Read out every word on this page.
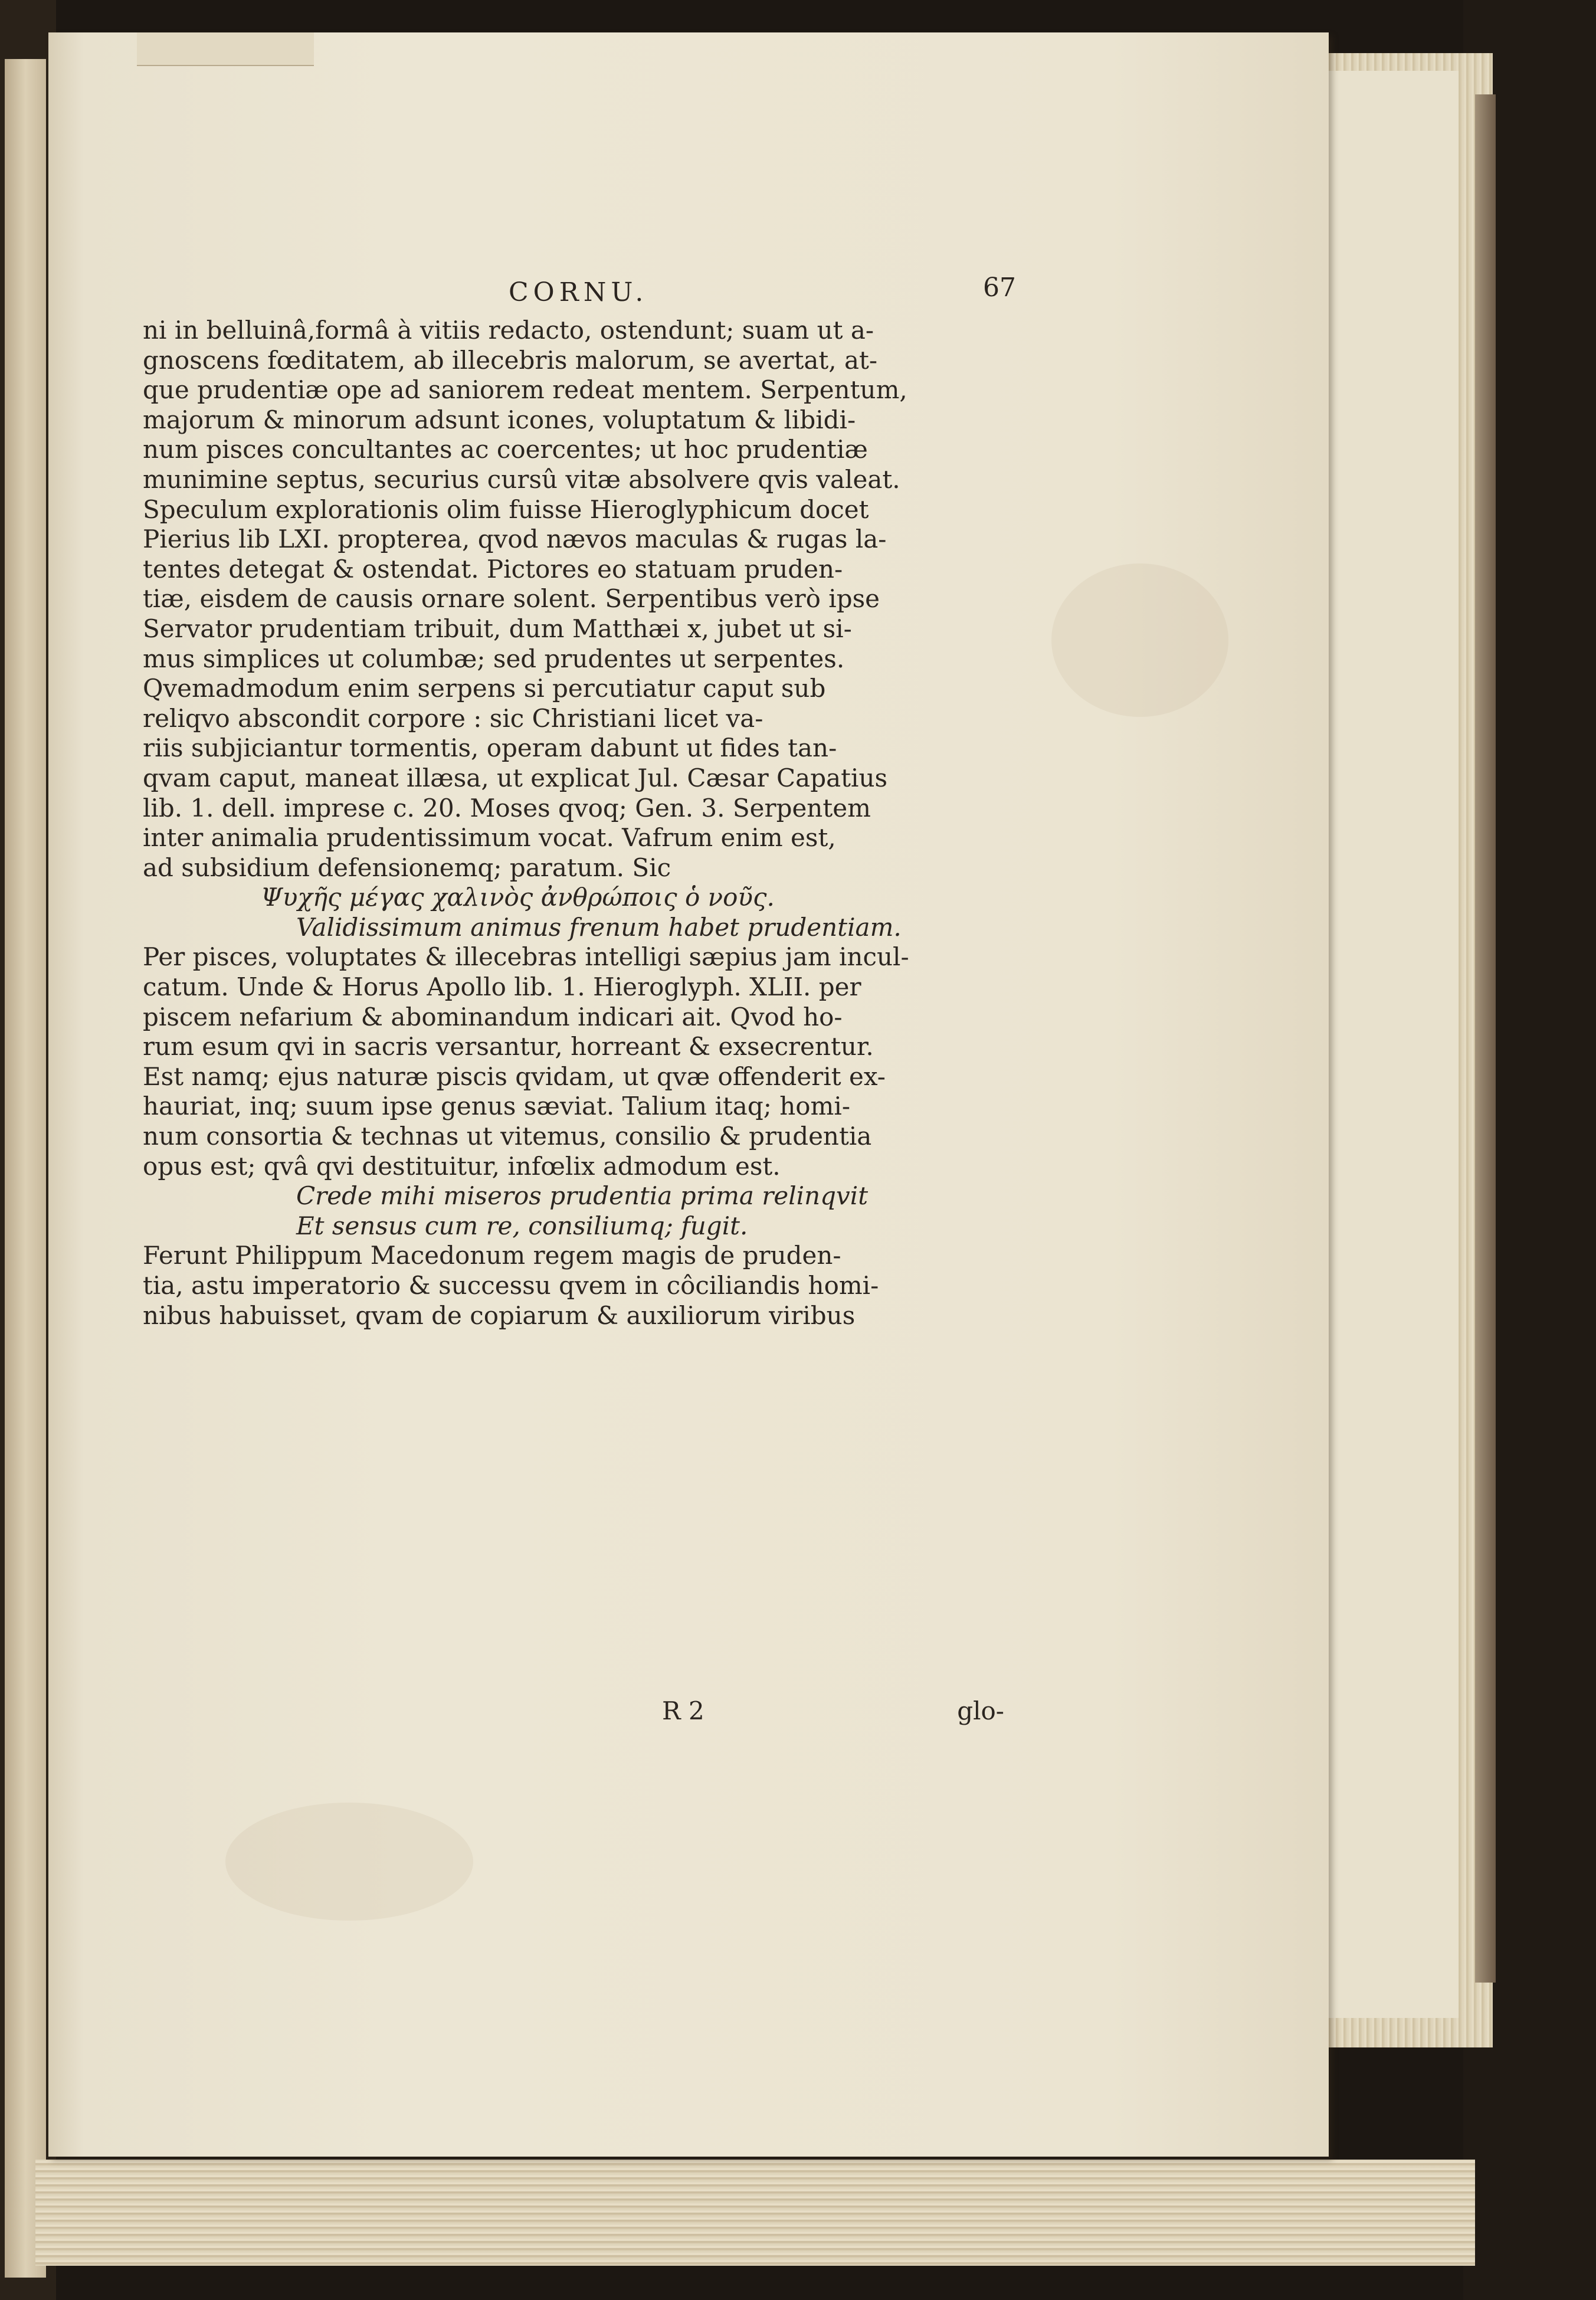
CORNU.	67
ni in belluinâ,formâ à vitiis redacto, ostendunt; suam ut a-
gnoscens fœditatem, ab illecebris malorum, se avertat, at-
que prudentiæ ope ad saniorem redeat mentem. Serpentum,
majorum & minorum adsunt icones, voluptatum & libidi-
num pisces concultantes ac coercentes; ut hoc prudentiæ
munimine septus, securius cursû vitæ absolvere qvis valeat.
Speculum explorationis olim fuisse Hieroglyphicum docet
Pierius lib LXI. propterea, qvod nævos maculas & rugas la-
tentes detegat & ostendat. Pictores eo statuam pruden-
tiæ, eisdem de causis ornare solent. Serpentibus verò ipse
Servator prudentiam tribuit, dum Matthæi x, jubet ut si-
mus simplices ut columbæ; sed prudentes ut serpentes.
Qvemadmodum enim serpens si percutiatur caput sub
reliqvo abscondit corpore : sic Christiani licet va-
riis subjiciantur tormentis, operam dabunt ut fides tan-
qvam caput, maneat illæsa, ut explicat Jul. Cæsar Capatius
lib. 1. dell. imprese c. 20. Moses qvoq; Gen. 3. Serpentem
inter animalia prudentissimum vocat. Vafrum enim est,
ad subsidium defensionemq; paratum. Sic
Ψυχῆς μέγας χαλινὸς ἀνθρώποις ὁ νοῦς.
Validissimum animus frenum habet prudentiam.
Per pisces, voluptates & illecebras intelligi sæpius jam incul-
catum. Unde & Horus Apollo lib. 1. Hieroglyph. XLII. per
piscem nefarium & abominandum indicari ait. Qvod ho-
rum esum qvi in sacris versantur, horreant & exsecrentur.
Est namq; ejus naturæ piscis qvidam, ut qvæ offenderit ex-
hauriat, inq; suum ipse genus sæviat. Talium itaq; homi-
num consortia & technas ut vitemus, consilio & prudentia
opus est; qvâ qvi destituitur, infœlix admodum est.
Crede mihi miseros prudentia prima relinqvit
Et sensus cum re, consiliumq; fugit.
Ferunt Philippum Macedonum regem magis de pruden-
tia, astu imperatorio & successu qvem in côciliandis homi-
nibus habuisset, qvam de copiarum & auxiliorum viribus
R 2	glo-
